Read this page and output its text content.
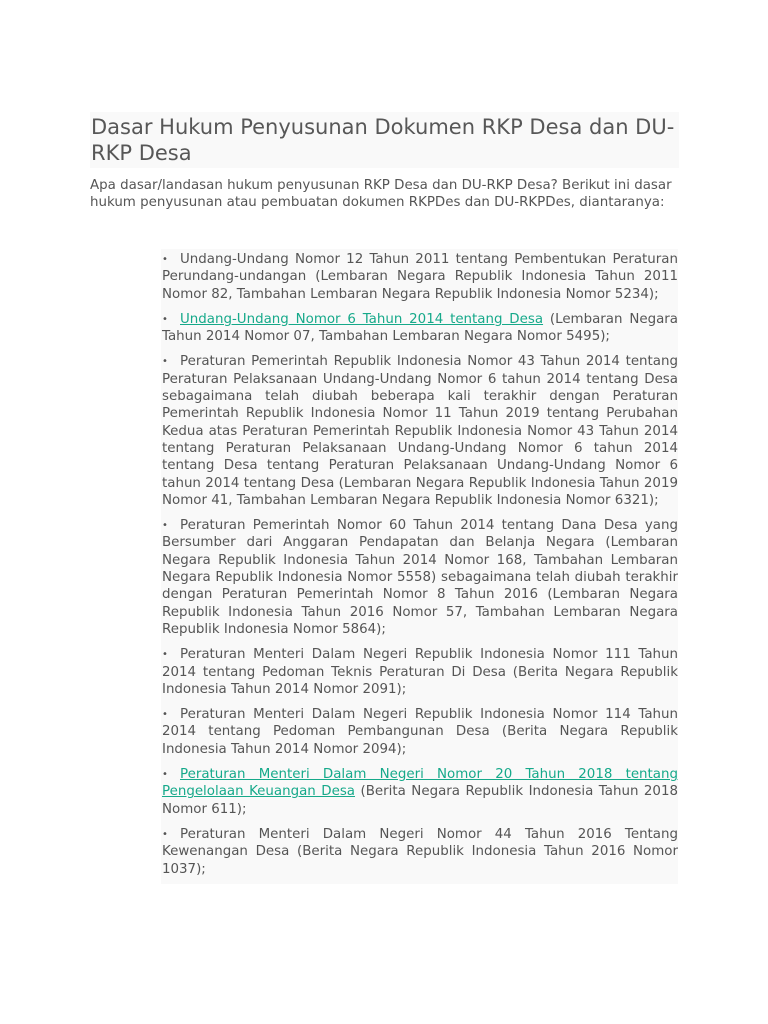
Dasar Hukum Penyusunan Dokumen RKP Desa dan DU-RKP Desa

Apa dasar/landasan hukum penyusunan RKP Desa dan DU-RKP Desa? Berikut ini dasar hukum penyusunan atau pembuatan dokumen RKPDes dan DU-RKPDes, diantaranya:

• Undang-Undang Nomor 12 Tahun 2011 tentang Pembentukan Peraturan Perundang-undangan (Lembaran Negara Republik Indonesia Tahun 2011 Nomor 82, Tambahan Lembaran Negara Republik Indonesia Nomor 5234);
• Undang-Undang Nomor 6 Tahun 2014 tentang Desa (Lembaran Negara Tahun 2014 Nomor 07, Tambahan Lembaran Negara Nomor 5495);
• Peraturan Pemerintah Republik Indonesia Nomor 43 Tahun 2014 tentang Peraturan Pelaksanaan Undang-Undang Nomor 6 tahun 2014 tentang Desa sebagaimana telah diubah beberapa kali terakhir dengan Peraturan Pemerintah Republik Indonesia Nomor 11 Tahun 2019 tentang Perubahan Kedua atas Peraturan Pemerintah Republik Indonesia Nomor 43 Tahun 2014 tentang Peraturan Pelaksanaan Undang-Undang Nomor 6 tahun 2014 tentang Desa tentang Peraturan Pelaksanaan Undang-Undang Nomor 6 tahun 2014 tentang Desa (Lembaran Negara Republik Indonesia Tahun 2019 Nomor 41, Tambahan Lembaran Negara Republik Indonesia Nomor 6321);
• Peraturan Pemerintah Nomor 60 Tahun 2014 tentang Dana Desa yang Bersumber dari Anggaran Pendapatan dan Belanja Negara (Lembaran Negara Republik Indonesia Tahun 2014 Nomor 168, Tambahan Lembaran Negara Republik Indonesia Nomor 5558) sebagaimana telah diubah terakhir dengan Peraturan Pemerintah Nomor 8 Tahun 2016 (Lembaran Negara Republik Indonesia Tahun 2016 Nomor 57, Tambahan Lembaran Negara Republik Indonesia Nomor 5864);
• Peraturan Menteri Dalam Negeri Republik Indonesia Nomor 111 Tahun 2014 tentang Pedoman Teknis Peraturan Di Desa (Berita Negara Republik Indonesia Tahun 2014 Nomor 2091);
• Peraturan Menteri Dalam Negeri Republik Indonesia Nomor 114 Tahun 2014 tentang Pedoman Pembangunan Desa (Berita Negara Republik Indonesia Tahun 2014 Nomor 2094);
• Peraturan Menteri Dalam Negeri Nomor 20 Tahun 2018 tentang Pengelolaan Keuangan Desa (Berita Negara Republik Indonesia Tahun 2018 Nomor 611);
• Peraturan Menteri Dalam Negeri Nomor 44 Tahun 2016 Tentang Kewenangan Desa (Berita Negara Republik Indonesia Tahun 2016 Nomor 1037);
